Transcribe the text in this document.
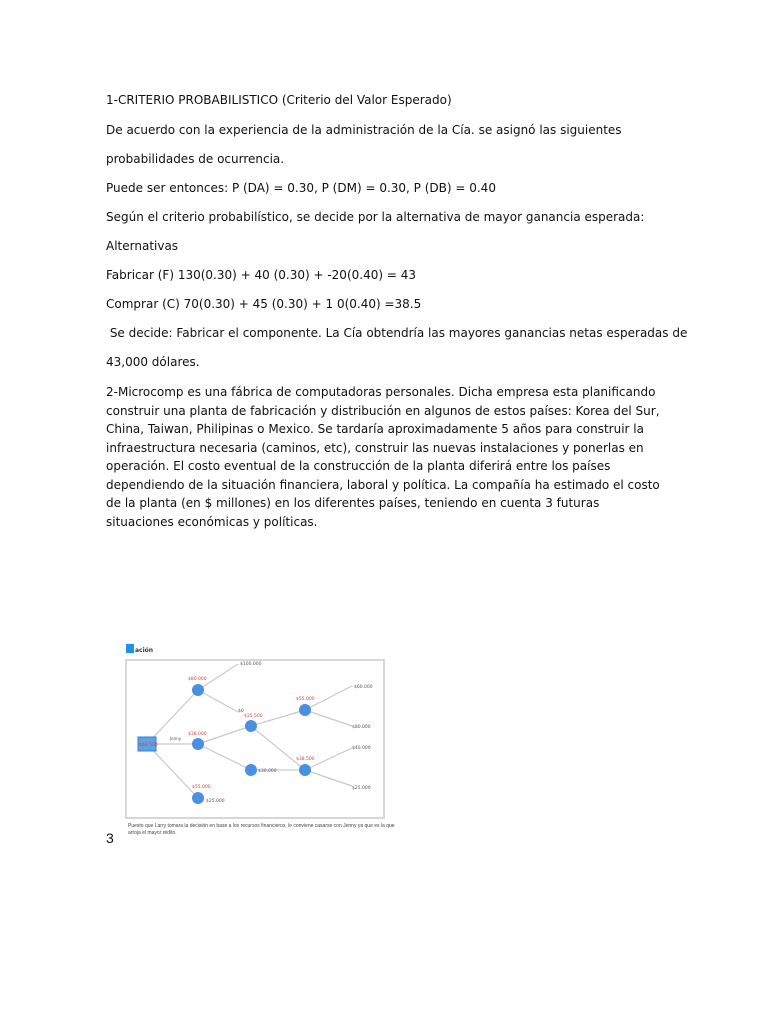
1-CRITERIO PROBABILISTICO (Criterio del Valor Esperado)

De acuerdo con la experiencia de la administración de la Cía. se asignó las siguientes

probabilidades de ocurrencia.

Puede ser entonces: P (DA) = 0.30, P (DM) = 0.30, P (DB) = 0.40

Según el criterio probabilístico, se decide por la alternativa de mayor ganancia esperada:

Alternativas

Fabricar (F) 130(0.30) + 40 (0.30) + -20(0.40) = 43

Comprar (C) 70(0.30) + 45 (0.30) + 1 0(0.40) =38.5

Se decide: Fabricar el componente. La Cía obtendría las mayores ganancias netas esperadas de

43,000 dólares.

2-Microcomp es una fábrica de computadoras personales. Dicha empresa esta planificando construir una planta de fabricación y distribución en algunos de estos países: Korea del Sur, China, Taiwan, Philipinas o Mexico. Se tardaría aproximadamente 5 años para construir la infraestructura necesaria (caminos, etc), construir las nuevas instalaciones y ponerlas en operación. El costo eventual de la construcción de la planta diferirá entre los países dependiendo de la situación financiera, laboral y política. La compañía ha estimado el costo de la planta (en $ millones) en los diferentes países, teniendo en cuenta 3 futuras situaciones económicas y políticas.

ación
$63.500
Jenny
$80.000
$100.000
$0
$38.000
$55.000
$25.000
$35.500
$30.000
$55.000
$60.000
$80.000
$38.500
$40.000
$25.000
Puesto que Larry tomara la decisión en base a los recursos financieros, le conviene casarse con Jenny ya que es la que arroja el mayor rédito.
3
